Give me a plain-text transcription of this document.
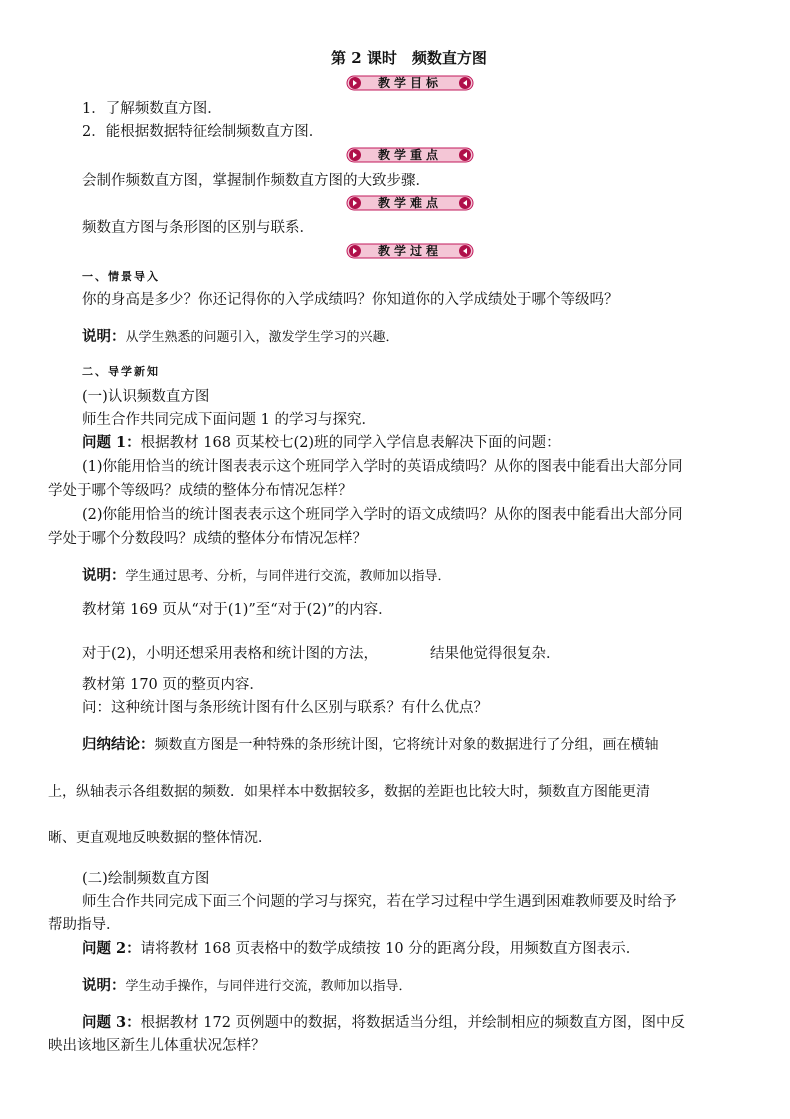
第 2 课时　频数直方图
教学目标
1．了解频数直方图．
2．能根据数据特征绘制频数直方图．
教学重点
会制作频数直方图，掌握制作频数直方图的大致步骤．
教学难点
频数直方图与条形图的区别与联系．
教学过程
一、情景导入
你的身高是多少？你还记得你的入学成绩吗？你知道你的入学成绩处于哪个等级吗？
说明：从学生熟悉的问题引入，激发学生学习的兴趣．
二、导学新知
(一)认识频数直方图
师生合作共同完成下面问题 1 的学习与探究．
问题 1：根据教材 168 页某校七(2)班的同学入学信息表解决下面的问题：
(1)你能用恰当的统计图表表示这个班同学入学时的英语成绩吗？从你的图表中能看出大部分同
学处于哪个等级吗？成绩的整体分布情况怎样？
(2)你能用恰当的统计图表表示这个班同学入学时的语文成绩吗？从你的图表中能看出大部分同
学处于哪个分数段吗？成绩的整体分布情况怎样？
说明：学生通过思考、分析，与同伴进行交流，教师加以指导．
教材第 169 页从“对于(1)”至“对于(2)”的内容．
对于(2)，小明还想采用表格和统计图的方法，	结果他觉得很复杂．
教材第 170 页的整页内容．
问：这种统计图与条形统计图有什么区别与联系？有什么优点？
归纳结论：频数直方图是一种特殊的条形统计图，它将统计对象的数据进行了分组，画在横轴
上，纵轴表示各组数据的频数．如果样本中数据较多，数据的差距也比较大时，频数直方图能更清
晰、更直观地反映数据的整体情况．
(二)绘制频数直方图
师生合作共同完成下面三个问题的学习与探究，若在学习过程中学生遇到困难教师要及时给予
帮助指导．
问题 2：请将教材 168 页表格中的数学成绩按 10 分的距离分段，用频数直方图表示．
说明：学生动手操作，与同伴进行交流，教师加以指导．
问题 3：根据教材 172 页例题中的数据，将数据适当分组，并绘制相应的频数直方图，图中反
映出该地区新生儿体重状况怎样？
